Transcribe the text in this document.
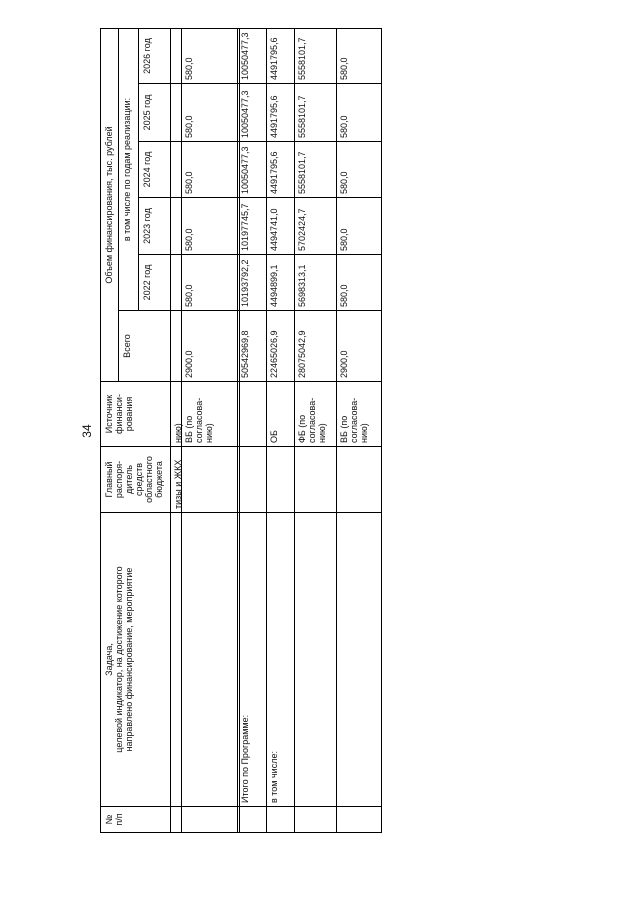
34
№
п/п
Задача,
целевой индикатор, на достижение которого
направлено финансирование, мероприятие
Главный
распоря-
дитель
средств
областного
бюджета
Источник
финанси-
рования
Всего
Объем финансирования, тыс. рублей в том числе по годам реализации:
2022 год
2023 год
2024 год
2025 год
2026 год
тизы и ЖКХ
нию) ВБ (по согласова-нию)
2900,0
580,0
580,0
580,0
580,0
580,0
Итого по Программе:
50542969,8
10193792,2
10197745,7
10050477,3
10050477,3
10050477,3
в том числе:
ОБ
22465026,9
4494899,1
4494741,0
4491795,6
4491795,6
4491795,6
ФБ (по согласова-нию)
28075042,9
5698313,1
5702424,7
5558101,7
5558101,7
5558101,7
ВБ (по согласова-нию)
2900,0
580,0
580,0
580,0
580,0
580,0
